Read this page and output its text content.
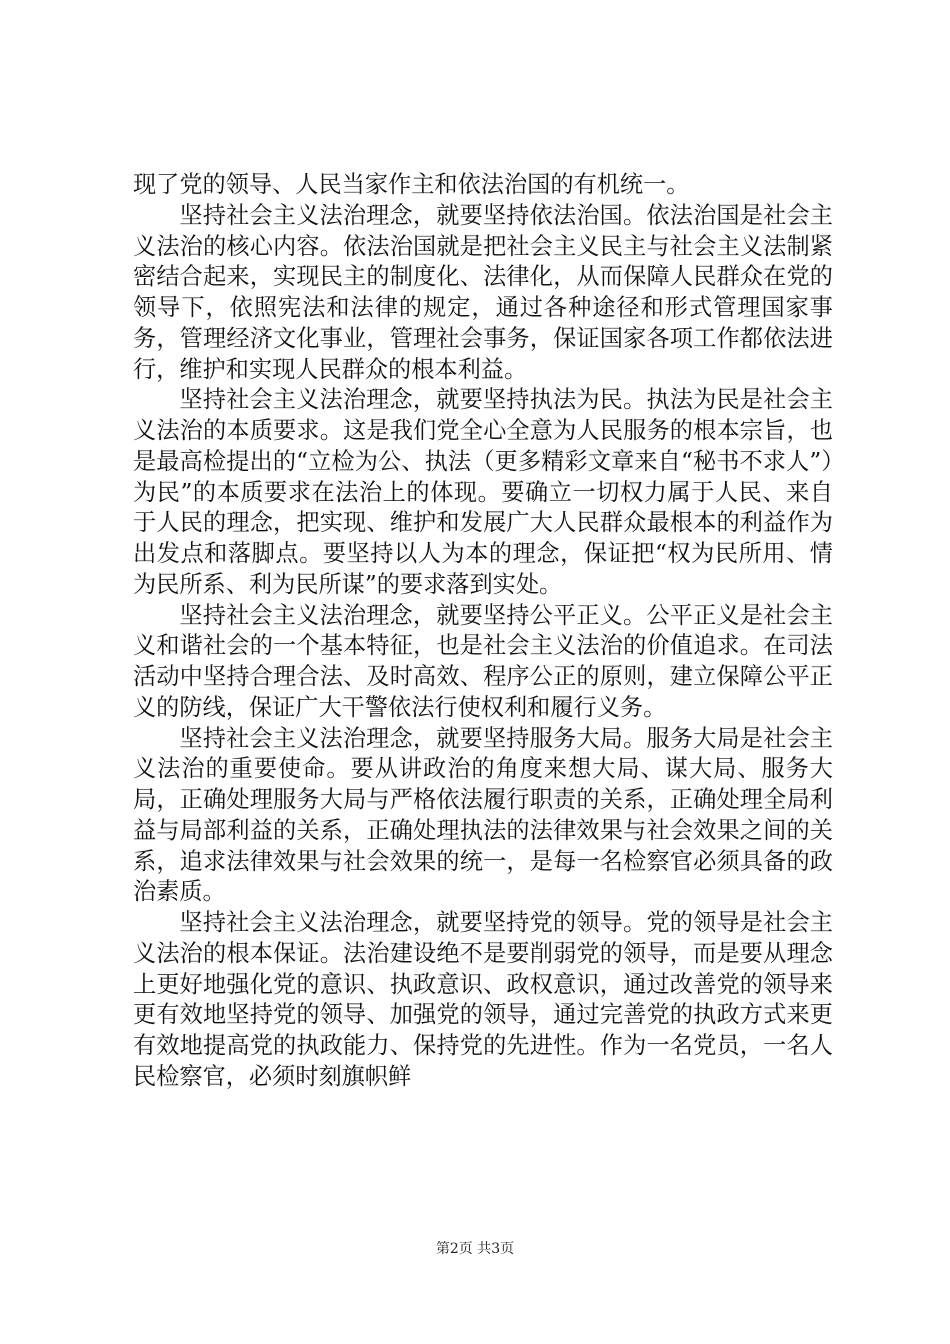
现了党的领导、人民当家作主和依法治国的有机统一。

坚持社会主义法治理念，就要坚持依法治国。依法治国是社会主义法治的核心内容。依法治国就是把社会主义民主与社会主义法制紧密结合起来，实现民主的制度化、法律化，从而保障人民群众在党的领导下，依照宪法和法律的规定，通过各种途径和形式管理国家事务，管理经济文化事业，管理社会事务，保证国家各项工作都依法进行，维护和实现人民群众的根本利益。

坚持社会主义法治理念，就要坚持执法为民。执法为民是社会主义法治的本质要求。这是我们党全心全意为人民服务的根本宗旨，也是最高检提出的“立检为公、执法（更多精彩文章来自“秘书不求人”）为民”的本质要求在法治上的体现。要确立一切权力属于人民、来自于人民的理念，把实现、维护和发展广大人民群众最根本的利益作为出发点和落脚点。要坚持以人为本的理念，保证把“权为民所用、情为民所系、利为民所谋”的要求落到实处。

坚持社会主义法治理念，就要坚持公平正义。公平正义是社会主义和谐社会的一个基本特征，也是社会主义法治的价值追求。在司法活动中坚持合理合法、及时高效、程序公正的原则，建立保障公平正义的防线，保证广大干警依法行使权利和履行义务。

坚持社会主义法治理念，就要坚持服务大局。服务大局是社会主义法治的重要使命。要从讲政治的角度来想大局、谋大局、服务大局，正确处理服务大局与严格依法履行职责的关系，正确处理全局利益与局部利益的关系，正确处理执法的法律效果与社会效果之间的关系，追求法律效果与社会效果的统一，是每一名检察官必须具备的政治素质。

坚持社会主义法治理念，就要坚持党的领导。党的领导是社会主义法治的根本保证。法治建设绝不是要削弱党的领导，而是要从理念上更好地强化党的意识、执政意识、政权意识，通过改善党的领导来更有效地坚持党的领导、加强党的领导，通过完善党的执政方式来更有效地提高党的执政能力、保持党的先进性。作为一名党员，一名人民检察官，必须时刻旗帜鲜

第2页 共3页
